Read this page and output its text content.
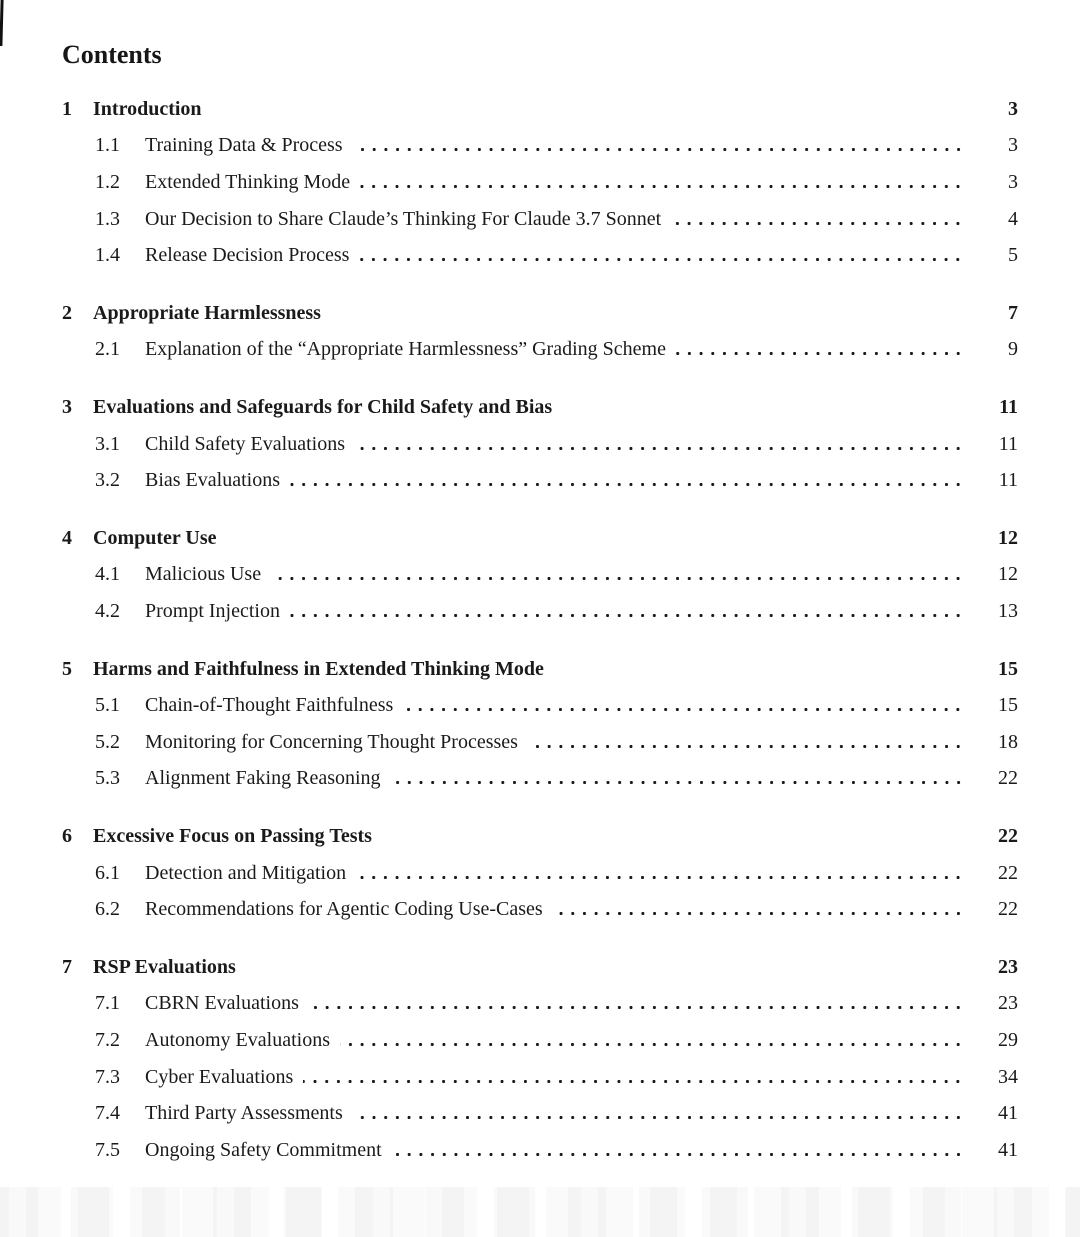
Contents
1	Introduction	3
1.1	Training Data & Process	3
1.2	Extended Thinking Mode	3
1.3	Our Decision to Share Claude’s Thinking For Claude 3.7 Sonnet	4
1.4	Release Decision Process	5
2	Appropriate Harmlessness	7
2.1	Explanation of the “Appropriate Harmlessness” Grading Scheme	9
3	Evaluations and Safeguards for Child Safety and Bias	11
3.1	Child Safety Evaluations	11
3.2	Bias Evaluations	11
4	Computer Use	12
4.1	Malicious Use	12
4.2	Prompt Injection	13
5	Harms and Faithfulness in Extended Thinking Mode	15
5.1	Chain-of-Thought Faithfulness	15
5.2	Monitoring for Concerning Thought Processes	18
5.3	Alignment Faking Reasoning	22
6	Excessive Focus on Passing Tests	22
6.1	Detection and Mitigation	22
6.2	Recommendations for Agentic Coding Use-Cases	22
7	RSP Evaluations	23
7.1	CBRN Evaluations	23
7.2	Autonomy Evaluations	29
7.3	Cyber Evaluations	34
7.4	Third Party Assessments	41
7.5	Ongoing Safety Commitment	41
